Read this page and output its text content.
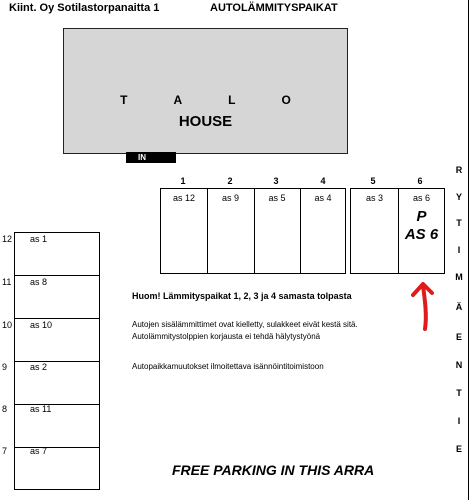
Kiint. Oy Sotilastorpanaitta 1	AUTOLÄMMITYSPAIKAT
T	A	L	O
HOUSE
IN
1	2	3	4	5	6
as 12	as 9	as 5	as 4	as 3	as 6
P
AS 6
12 as 1
11 as 8
10 as 10
9	as 2
8	as 11
7	as 7
Huom! Lämmityspaikat 1, 2, 3 ja 4 samasta tolpasta
Autojen sisälämmittimet ovat kielletty, sulakkeet eivät kestä sitä.
Autolämmitystolppien korjausta ei tehdä hälytystyönä
Autopaikkamuutokset ilmoitettava isännöintitoimistoon
R
Y
T
I
M
Ä
E
N
T
I
E
FREE PARKING IN THIS ARRA
